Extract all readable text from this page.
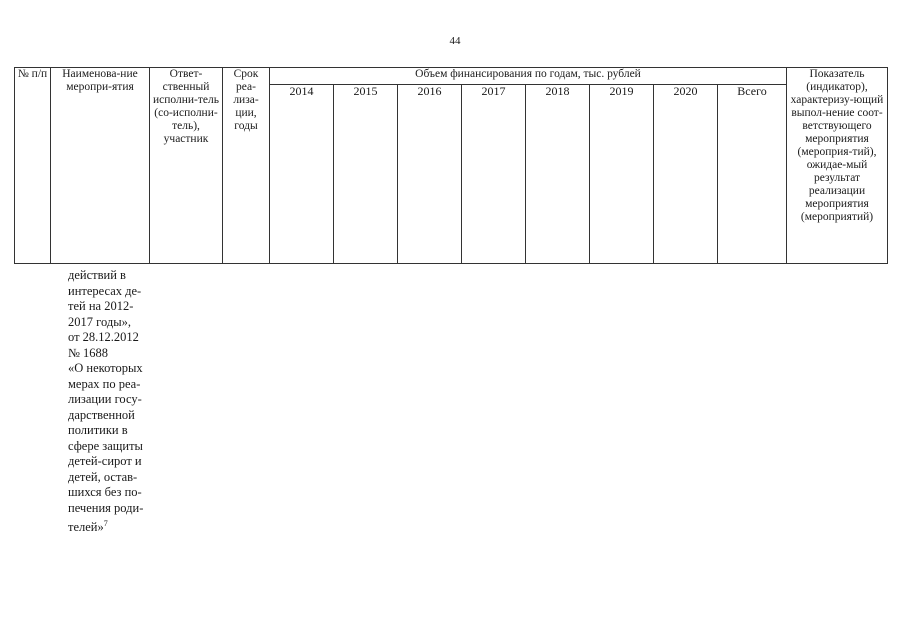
44
№ п/п	Наименова-ние меропри-ятия	Ответ-ственный исполни-тель (со-исполни-тель), участник	Срок реа-лиза-ции, годы	Объем финансирования по годам, тыс. рублей								Показатель (индикатор), характеризу-ющий выпол-нение соот-ветствующего мероприятия (мероприя-тий), ожидае-мый результат реализации мероприятия (мероприятий)
				2014	2015	2016	2017	2018	2019	2020	Всего	

действий в

интересах де-

тей на 2012-

2017 годы»,

от 28.12.2012

№ 1688

«О некоторых

мерах по реа-

лизации госу-

дарственной

политики в

сфере защиты

детей-сирот и

детей, остав-

шихся без по-

печения роди-

телей»$^7$
